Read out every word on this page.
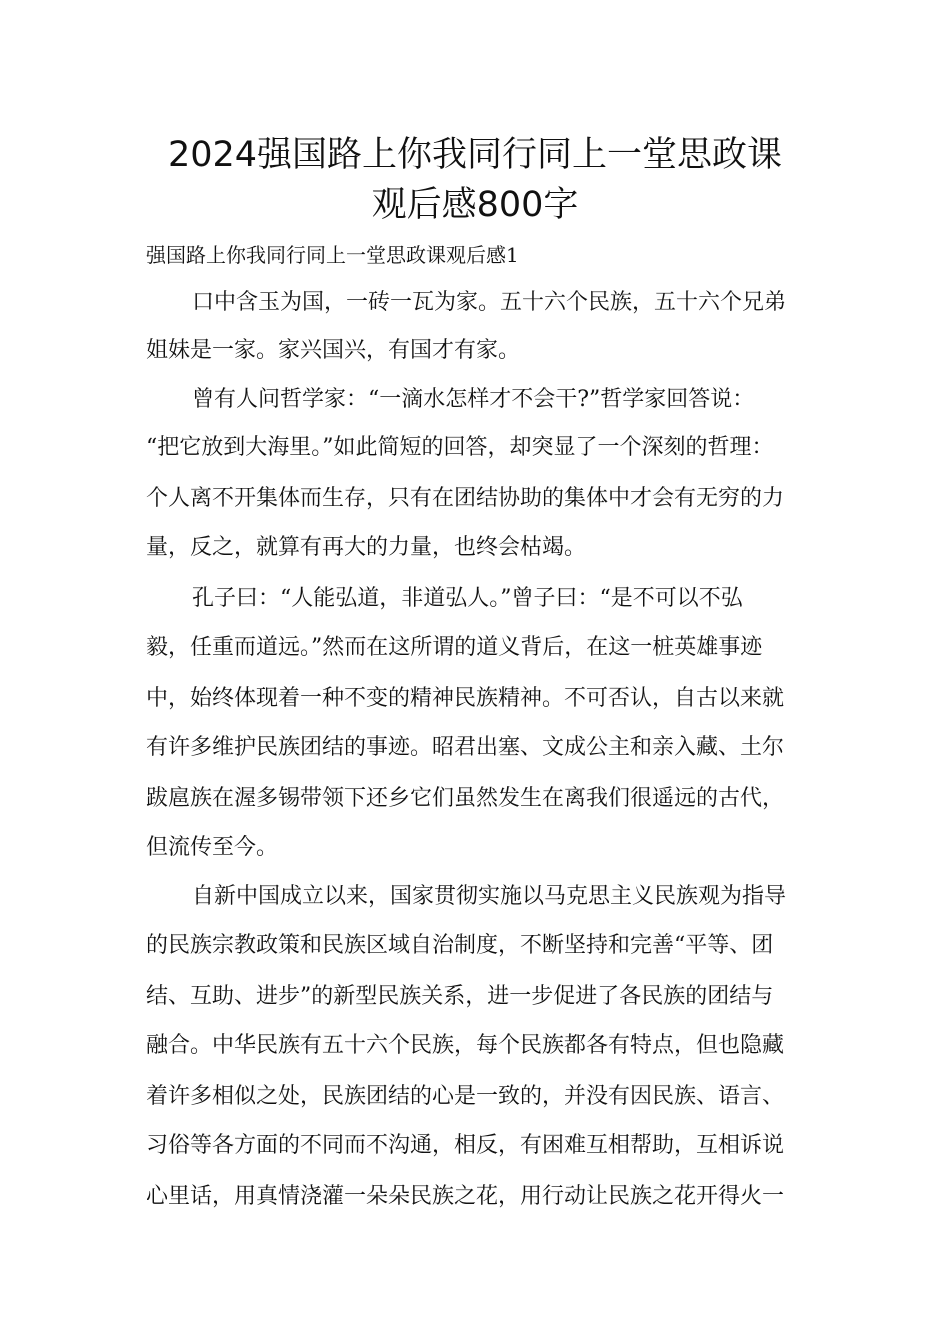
2024强国路上你我同行同上一堂思政课
观后感800字
强国路上你我同行同上一堂思政课观后感1
口中含玉为国，一砖一瓦为家。五十六个民族，五十六个兄弟
姐妹是一家。家兴国兴，有国才有家。
曾有人问哲学家：“一滴水怎样才不会干?”哲学家回答说：
“把它放到大海里。”如此简短的回答，却突显了一个深刻的哲理：
个人离不开集体而生存，只有在团结协助的集体中才会有无穷的力
量，反之，就算有再大的力量，也终会枯竭。
孔子曰：“人能弘道，非道弘人。”曾子曰：“是不可以不弘
毅，任重而道远。”然而在这所谓的道义背后，在这一桩英雄事迹
中，始终体现着一种不变的精神民族精神。不可否认，自古以来就
有许多维护民族团结的事迹。昭君出塞、文成公主和亲入藏、土尔
跋扈族在渥多锡带领下还乡它们虽然发生在离我们很遥远的古代，
但流传至今。
自新中国成立以来，国家贯彻实施以马克思主义民族观为指导
的民族宗教政策和民族区域自治制度，不断坚持和完善“平等、团
结、互助、进步”的新型民族关系，进一步促进了各民族的团结与
融合。中华民族有五十六个民族，每个民族都各有特点，但也隐藏
着许多相似之处，民族团结的心是一致的，并没有因民族、语言、
习俗等各方面的不同而不沟通，相反，有困难互相帮助，互相诉说
心里话，用真情浇灌一朵朵民族之花，用行动让民族之花开得火一
